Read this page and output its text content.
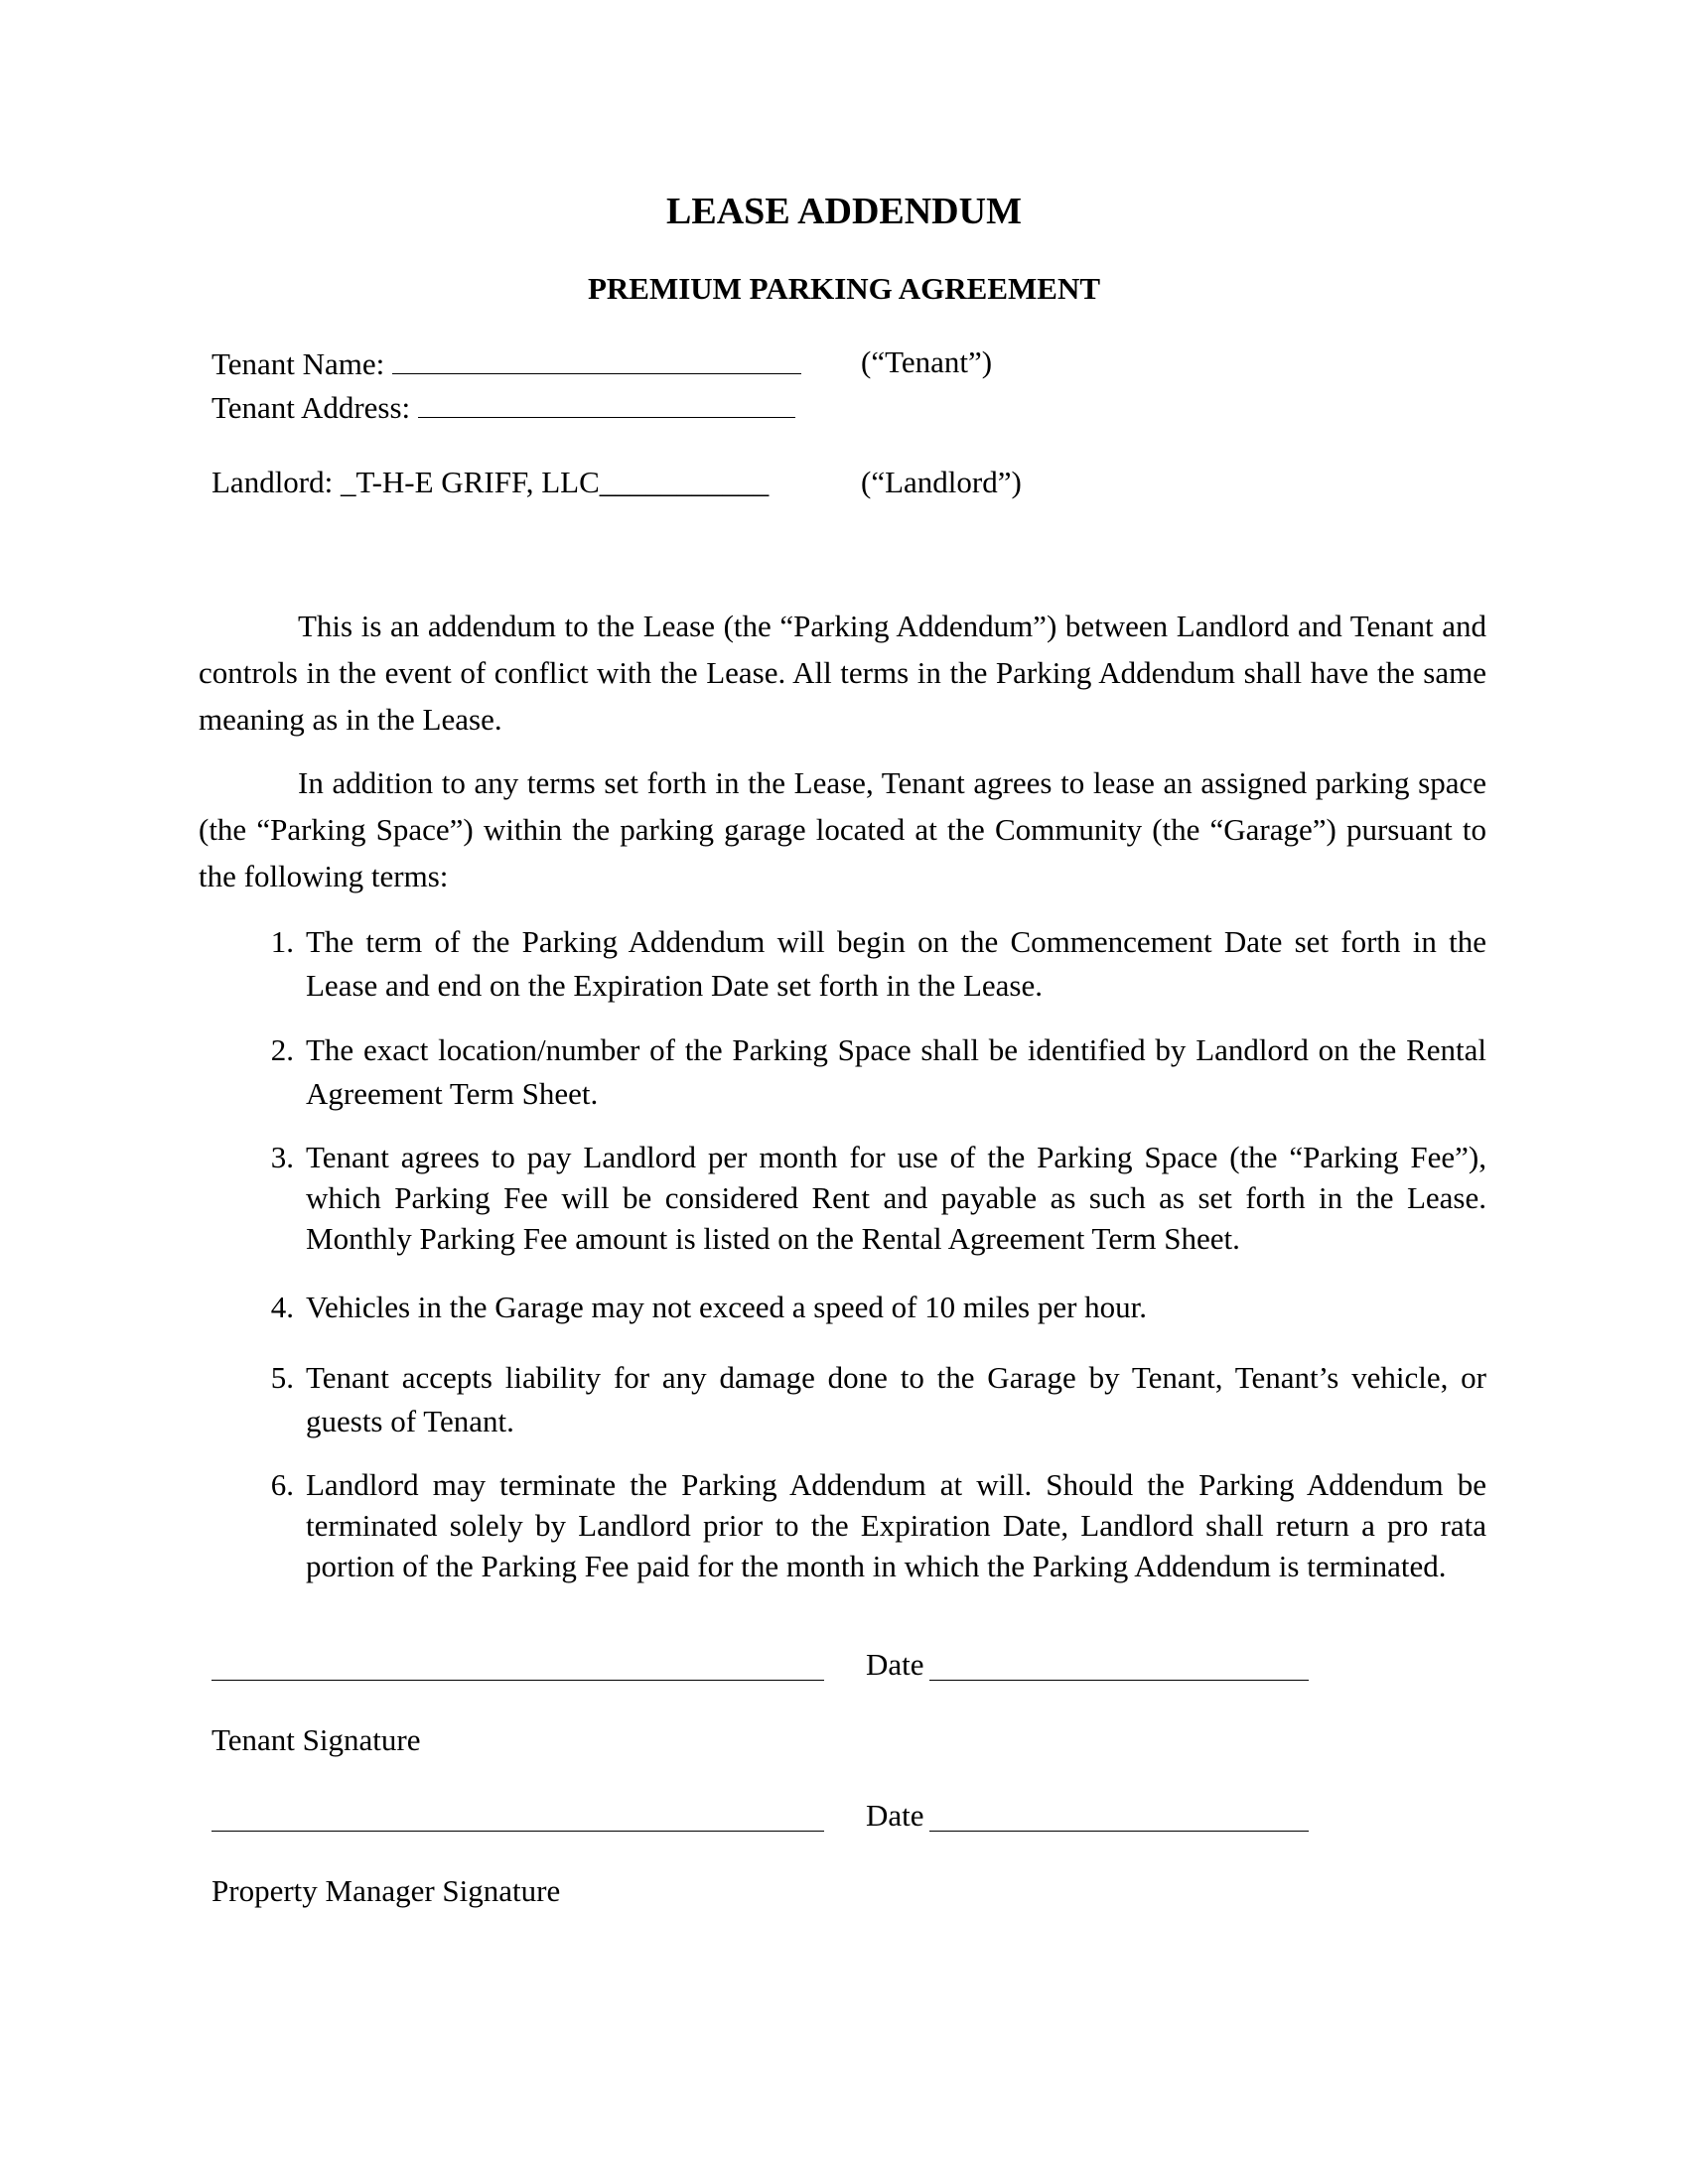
LEASE ADDENDUM
PREMIUM PARKING AGREEMENT
Tenant Name:	(“Tenant”)
Tenant Address:
Landlord: _T-H-E GRIFF, LLC___________	(“Landlord”)

This is an addendum to the Lease (the “Parking Addendum”) between Landlord and Tenant and controls in the event of conflict with the Lease. All terms in the Parking Addendum shall have the same meaning as in the Lease.

In addition to any terms set forth in the Lease, Tenant agrees to lease an assigned parking space (the “Parking Space”) within the parking garage located at the Community (the “Garage”) pursuant to the following terms:

1. The term of the Parking Addendum will begin on the Commencement Date set forth in the Lease and end on the Expiration Date set forth in the Lease.
2. The exact location/number of the Parking Space shall be identified by Landlord on the Rental Agreement Term Sheet.
3. Tenant agrees to pay Landlord per month for use of the Parking Space (the “Parking Fee”), which Parking Fee will be considered Rent and payable as such as set forth in the Lease. Monthly Parking Fee amount is listed on the Rental Agreement Term Sheet.
4. Vehicles in the Garage may not exceed a speed of 10 miles per hour.
5. Tenant accepts liability for any damage done to the Garage by Tenant, Tenant’s vehicle, or guests of Tenant.
6. Landlord may terminate the Parking Addendum at will. Should the Parking Addendum be terminated solely by Landlord prior to the Expiration Date, Landlord shall return a pro rata portion of the Parking Fee paid for the month in which the Parking Addendum is terminated.
Date
Tenant Signature
Date
Property Manager Signature
